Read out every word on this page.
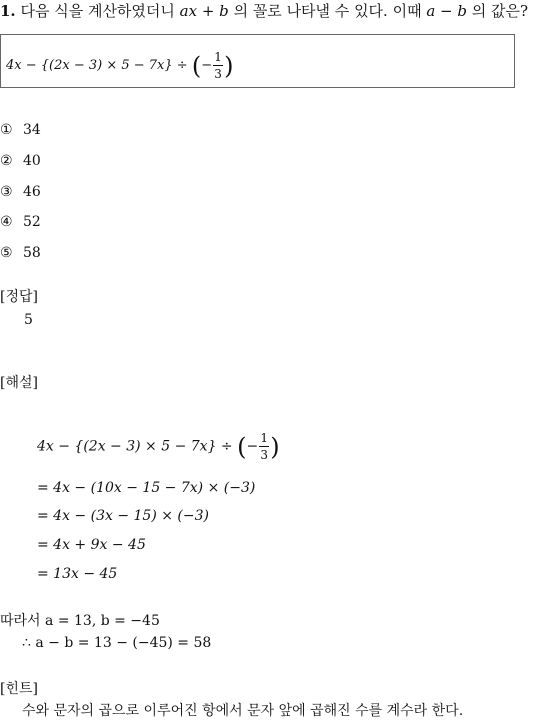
1. 다음 식을 계산하였더니 ax + b 의 꼴로 나타낼 수 있다. 이때 a − b 의 값은?
4x − {(2x − 3) × 5 − 7x} ÷ (− $\frac{1}{3}$ )
① 34
② 40
③ 46
④ 52
⑤ 58
[정답]
5
[해설]
4x − {(2x − 3) × 5 − 7x} ÷ (− $\frac{1}{3}$ )
= 4x − (10x − 15 − 7x) × (−3)
= 4x − (3x − 15) × (−3)
= 4x + 9x − 45
= 13x − 45
따라서 a = 13, b = −45
∴ a − b = 13 − (−45) = 58
[힌트]
수와 문자의 곱으로 이루어진 항에서 문자 앞에 곱해진 수를 계수라 한다.
